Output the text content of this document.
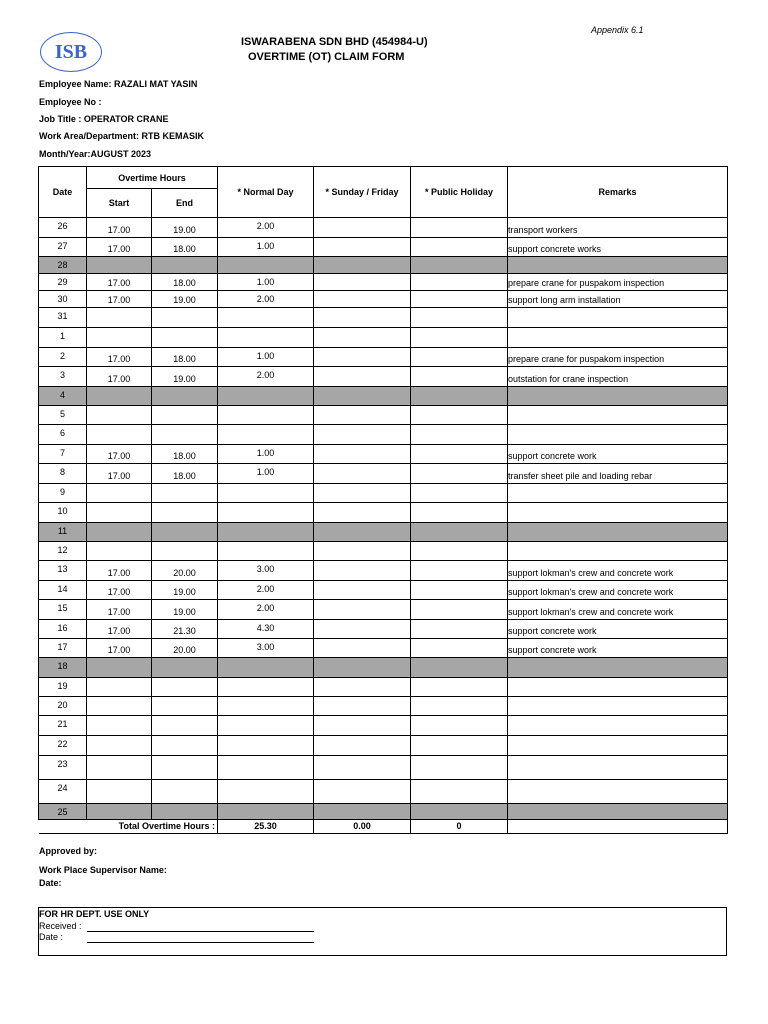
ISB
Appendix 6.1
ISWARABENA SDN BHD (454984-U)
OVERTIME (OT) CLAIM FORM
Employee Name: RAZALI MAT YASIN
Employee No :
Job Title : OPERATOR CRANE
Work Area/Department: RTB KEMASIK
Month/Year:AUGUST 2023
Date	Overtime Hours		* Normal Day	* Sunday / Friday	* Public Holiday	Remarks
	Start	End				
26	17.00	19.00	2.00			transport workers
27	17.00	18.00	1.00			support concrete works
28						
29	17.00	18.00	1.00			prepare crane for puspakom inspection
30	17.00	19.00	2.00			support long arm installation
31						
1						
2	17.00	18.00	1.00			prepare crane for puspakom inspection
3	17.00	19.00	2.00			outstation for crane inspection
4						
5						
6						
7	17.00	18.00	1.00			support concrete work
8	17.00	18.00	1.00			transfer sheet pile and loading rebar
9						
10						
11						
12						
13	17.00	20.00	3.00			support lokman's crew and concrete work
14	17.00	19.00	2.00			support lokman's crew and concrete work
15	17.00	19.00	2.00			support lokman's crew and concrete work
16	17.00	21.30	4.30			support concrete work
17	17.00	20.00	3.00			support concrete work
18						
19						
20						
21						
22						
23						
24						
25						
	Total Overtime Hours :		25.30	0.00	0	
Approved by:
Work Place Supervisor Name:
Date:
FOR HR DEPT. USE ONLY
Received :
Date :
